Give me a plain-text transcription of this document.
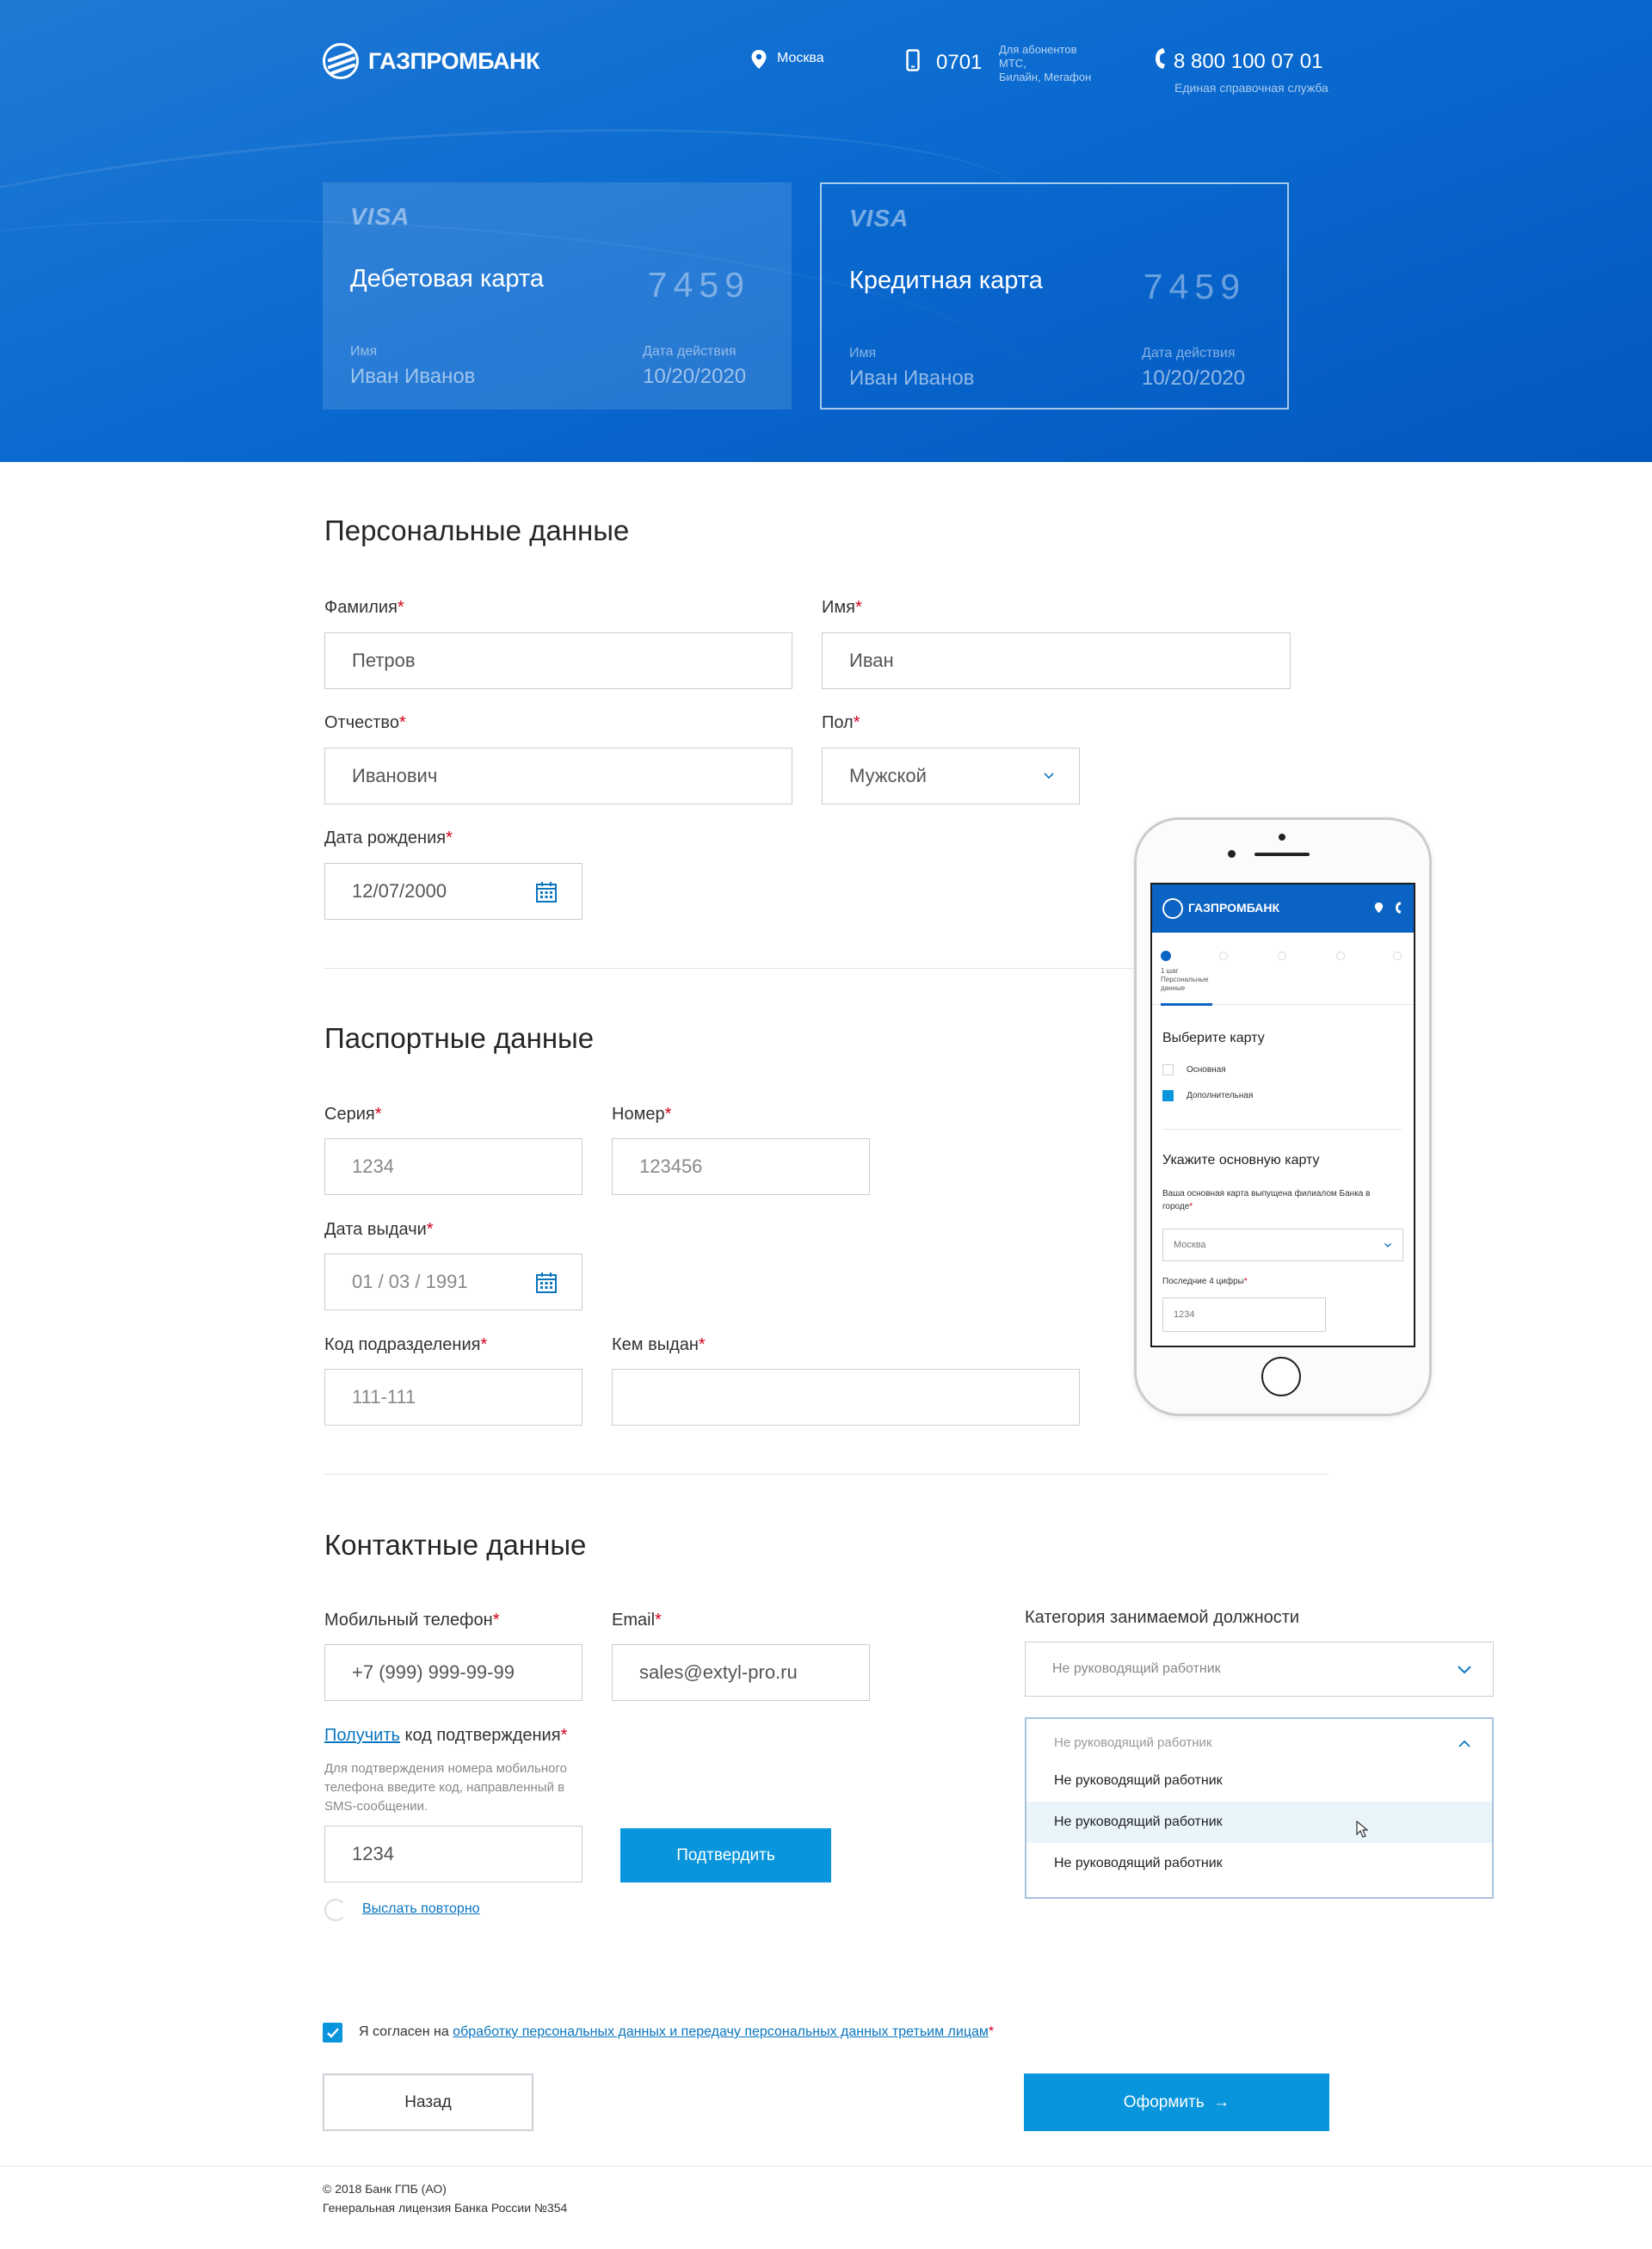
ГАЗПРОМБАНК	Москва	0701
Для абонентов
МТС,
Билайн, Мегафон
8 800 100 07 01
Единая справочная служба
VISA
Дебетовая карта	7459
Имя
Иван Иванов
Дата действия
10/20/2020
VISA
Кредитная карта	7459
Имя
Иван Иванов
Дата действия
10/20/2020
Персональные данные
Фамилия*
Петров
Имя*
Иван
Отчество*
Иванович
Пол*
Мужской
Дата рождения*
12/07/2000
Паспортные данные
Серия*
1234
Номер*
123456
Дата выдачи*
01 / 03 / 1991
Код подразделения*
111-111
Кем выдан*
ГАЗПРОМБАНК
1 шаг
Персональные
данные
Выберите карту
Основная
Дополнительная
Укажите основную карту
Ваша основная карта выпущена филиалом Банка в
городе*
Москва
Последние 4 цифры*
1234
Контактные данные
Мобильный телефон*
+7 (999) 999-99-99
Email*
sales@extyl-pro.ru
Получить код подтверждения*
Для подтверждения номера мобильного
телефона введите код, направленный в
SMS-сообщении.
1234	Подтвердить
Выслать повторно
Категория занимаемой должности
Не руководящий работник
Не руководящий работник
Не руководящий работник
Не руководящий работник
Не руководящий работник
Я согласен на обработку персональных данных и передачу персональных данных третьим лицам*
Назад	Оформить  →
© 2018 Банк ГПБ (АО)
Генеральная лицензия Банка России №354
